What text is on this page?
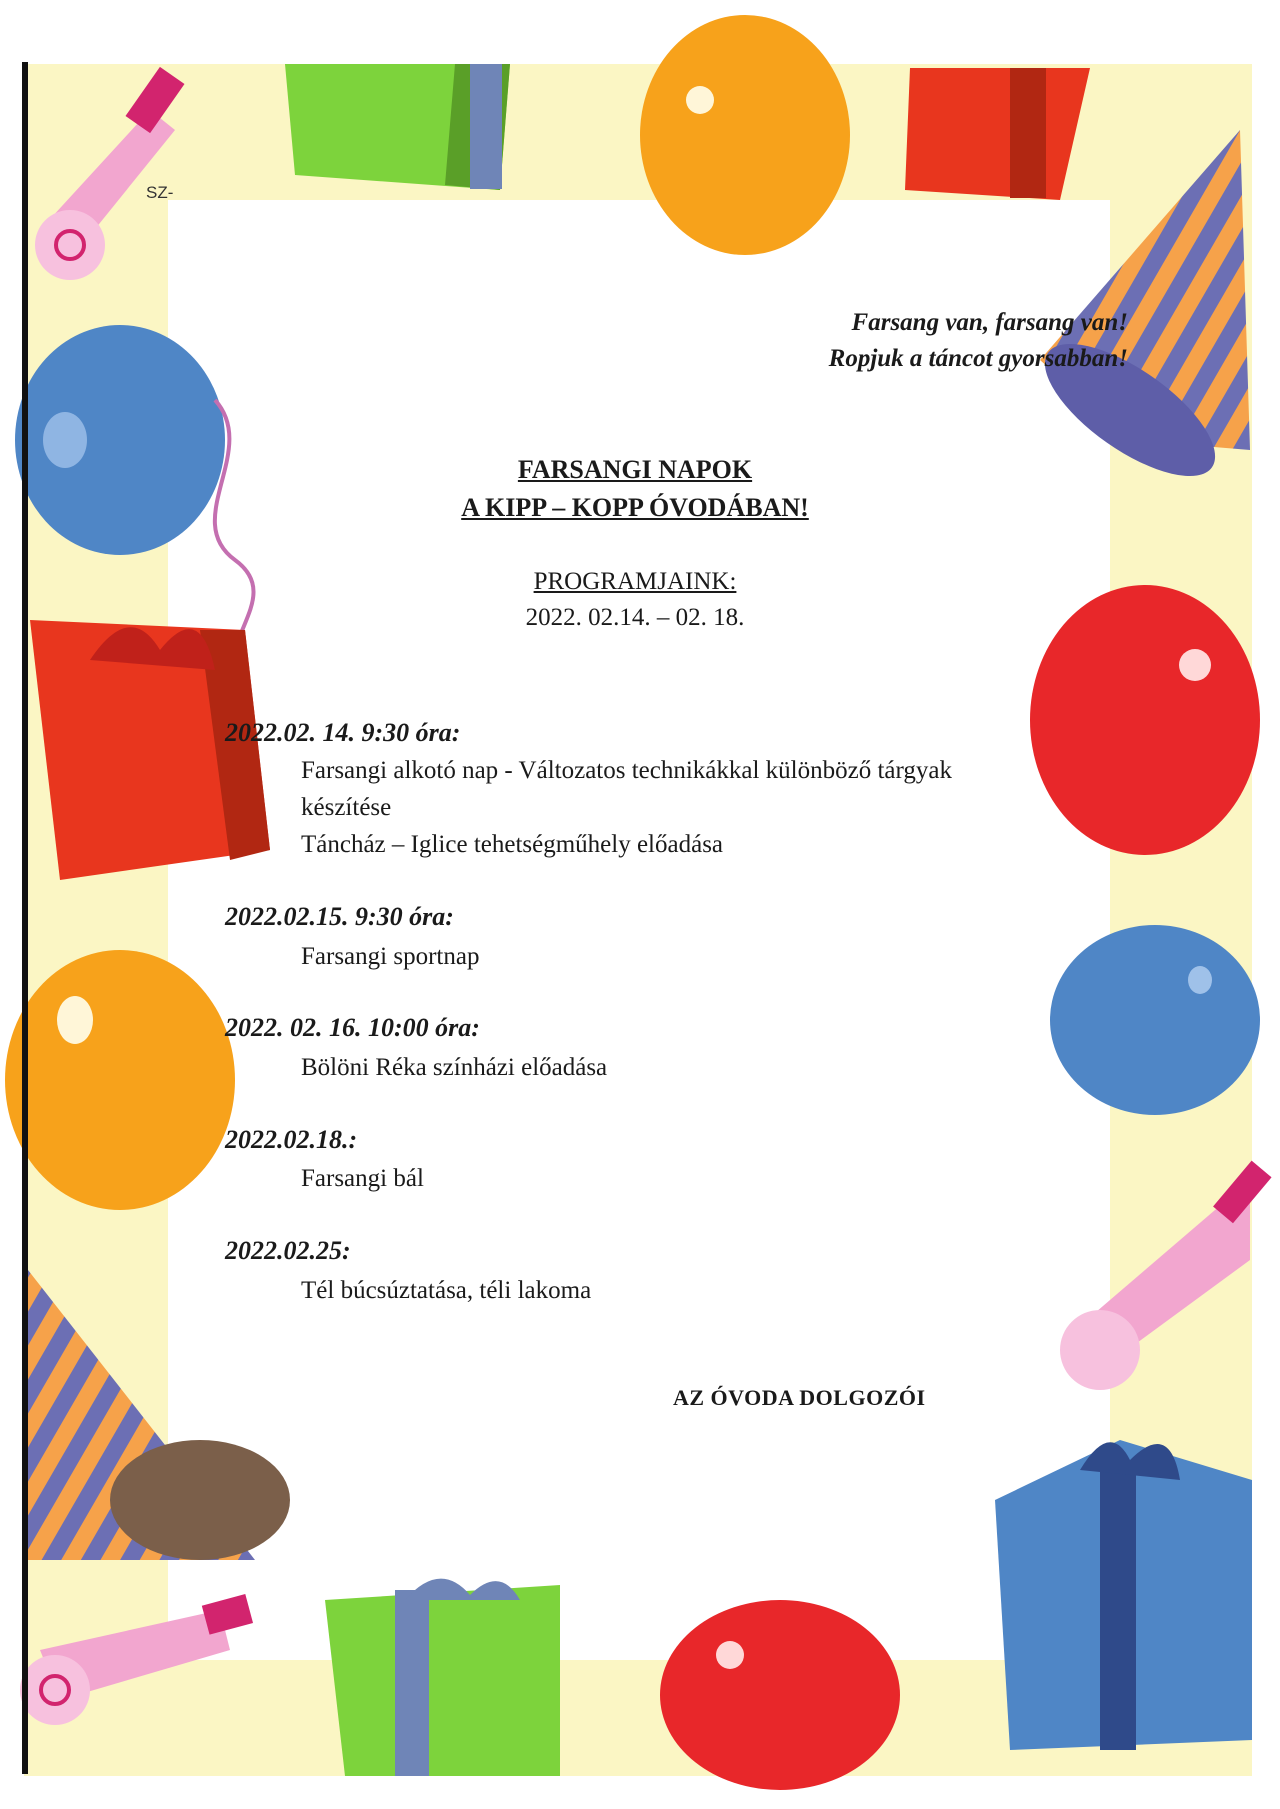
SZ-
Farsang van, farsang van!
Ropjuk a táncot gyorsabban!
FARSANGI NAPOK
A KIPP – KOPP ÓVODÁBAN!
PROGRAMJAINK:
2022. 02.14. – 02. 18.
2022.02. 14. 9:30 óra:
Farsangi alkotó nap - Változatos technikákkal különböző tárgyak
készítése
Táncház – Iglice tehetségműhely előadása
2022.02.15. 9:30 óra:
Farsangi sportnap
2022. 02. 16. 10:00 óra:
Bölöni Réka színházi előadása
2022.02.18.:
Farsangi bál
2022.02.25:
Tél búcsúztatása, téli lakoma
AZ ÓVODA DOLGOZÓI
